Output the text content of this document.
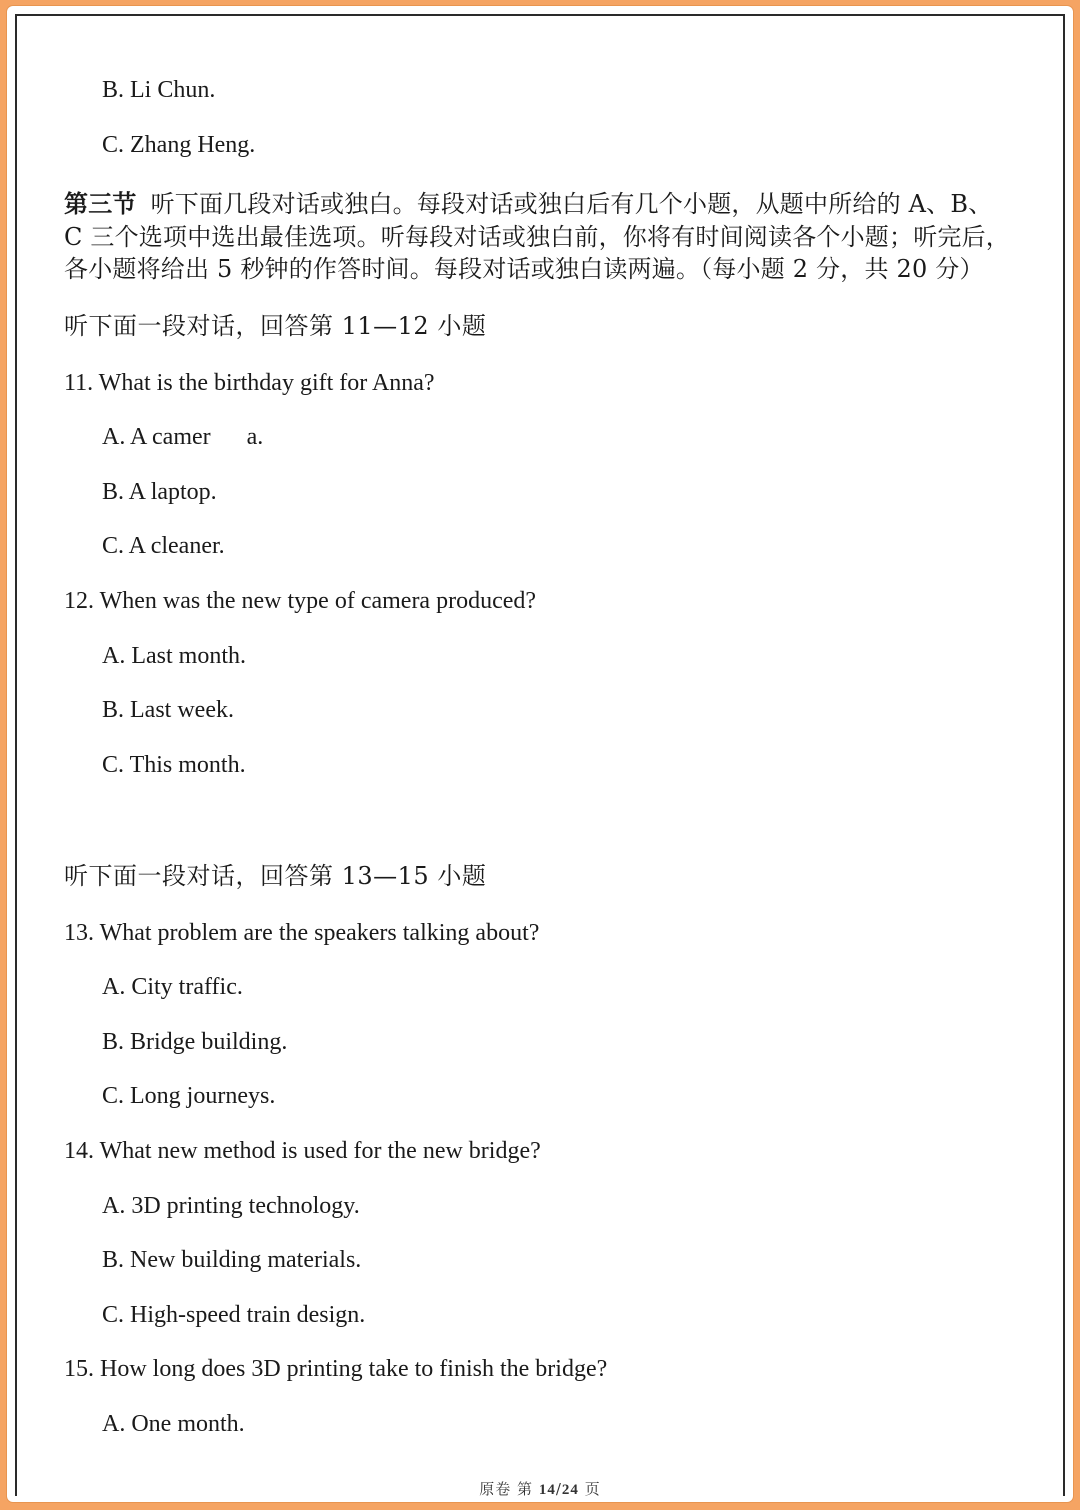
B. Li Chun.
C. Zhang Heng.
第三节 听下面几段对话或独白。每段对话或独白后有几个小题，从题中所给的 A、B、
C 三个选项中选出最佳选项。听每段对话或独白前，你将有时间阅读各个小题；听完后，
各小题将给出 5 秒钟的作答时间。每段对话或独白读两遍。（每小题 2 分，共 20 分）
听下面一段对话，回答第 11—12 小题
11. What is the birthday gift for Anna?
A. A camer      a.
B. A laptop.
C. A cleaner.
12. When was the new type of camera produced?
A. Last month.
B. Last week.
C. This month.
听下面一段对话，回答第 13—15 小题
13. What problem are the speakers talking about?
A. City traffic.
B. Bridge building.
C. Long journeys.
14. What new method is used for the new bridge?
A. 3D printing technology.
B. New building materials.
C. High-speed train design.
15. How long does 3D printing take to finish the bridge?
A. One month.
原卷 第 14/24 页
